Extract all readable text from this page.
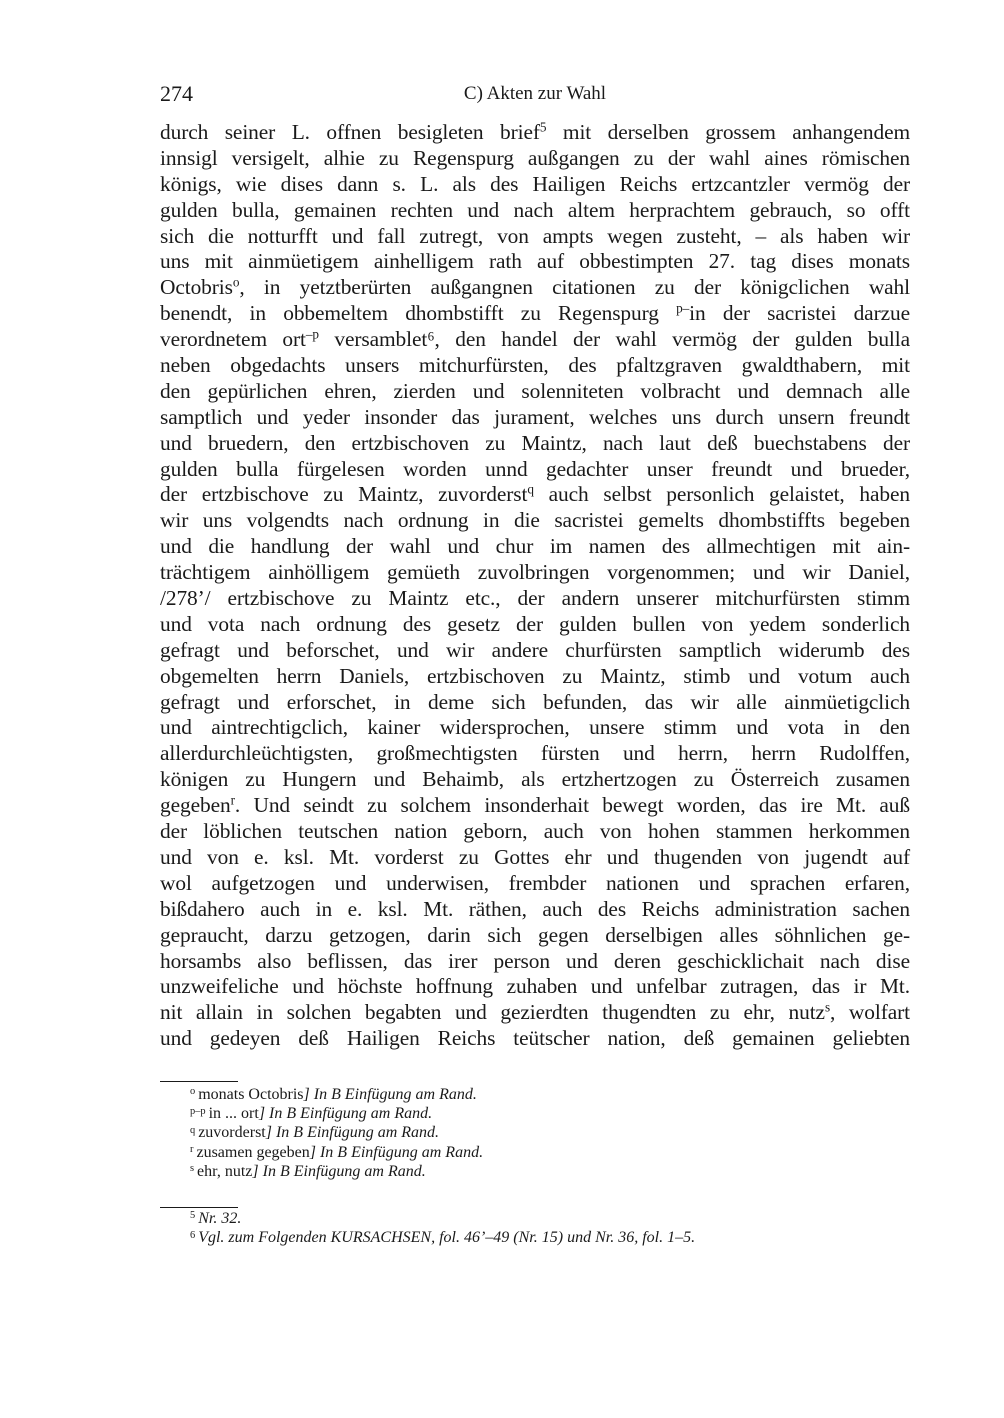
274	C) Akten zur Wahl
durch seiner L. offnen besigleten brief$^5$ mit derselben grossem anhangendem
innsigl versigelt, alhie zu Regenspurg außgangen zu der wahl aines römischen
königs, wie dises dann s. L. als des Hailigen Reichs ertzcantzler vermög der
gulden bulla, gemainen rechten und nach altem herprachtem gebrauch, so offt
sich die notturfft und fall zutregt, von ampts wegen zusteht, – als haben wir
uns mit ainmüetigem ainhelligem rath auf obbestimpten 27. tag dises monats
Octobris$^o$, in yetztberürten außgangnen citationen zu der königclichen wahl
benendt, in obbemeltem dhombstifft zu Regenspurg $^{p-}$in der sacristei darzue
verordnetem ort$^{-p}$ versamblet⁶, den handel der wahl vermög der gulden bulla
neben obgedachts unsers mitchurfürsten, des pfaltzgraven gwaldthabern, mit
den gepürlichen ehren, zierden und solenniteten volbracht und demnach alle
samptlich und yeder insonder das jurament, welches uns durch unsern freundt
und bruedern, den ertzbischoven zu Maintz, nach laut deß buechstabens der
gulden bulla fürgelesen worden unnd gedachter unser freundt und brueder,
der ertzbischove zu Maintz, zuvorderst$^q$ auch selbst personlich gelaistet, haben
wir uns volgendts nach ordnung in die sacristei gemelts dhombstiffts begeben
und die handlung der wahl und chur im namen des allmechtigen mit ain-
trächtigem ainhölligem gemüeth zuvolbringen vorgenommen; und wir Daniel,
/278’/ ertzbischove zu Maintz etc., der andern unserer mitchurfürsten stimm
und vota nach ordnung des gesetz der gulden bullen von yedem sonderlich
gefragt und beforschet, und wir andere churfürsten samptlich widerumb des
obgemelten herrn Daniels, ertzbischoven zu Maintz, stimb und votum auch
gefragt und erforschet, in deme sich befunden, das wir alle ainmüetigclich
und aintrechtigclich, kainer widersprochen, unsere stimm und vota in den
allerdurchleüchtigsten, großmechtigsten fürsten und herrn, herrn Rudolffen,
königen zu Hungern und Behaimb, als ertzhertzogen zu Österreich zusamen
gegeben$^r$. Und seindt zu solchem insonderhait bewegt worden, das ire Mt. auß
der löblichen teutschen nation geborn, auch von hohen stammen herkommen
und von e. ksl. Mt. vorderst zu Gottes ehr und thugenden von jugendt auf
wol aufgetzogen und underwisen, frembder nationen und sprachen erfaren,
bißdahero auch in e. ksl. Mt. räthen, auch des Reichs administration sachen
gepraucht, darzu getzogen, darin sich gegen derselbigen alles söhnlichen ge-
horsambs also beflissen, das irer person und deren geschicklichait nach dise
unzweifeliche und höchste hoffnung zuhaben und unfelbar zutragen, das ir Mt.
nit allain in solchen begabten und gezierdten thugendten zu ehr, nutz$^s$, wolfart
und gedeyen deß Hailigen Reichs teütscher nation, deß gemainen geliebten
$^o$ monats Octobris] In B Einfügung am Rand.
$^{p-p}$ in ... ort] In B Einfügung am Rand.
$^q$ zuvorderst] In B Einfügung am Rand.
$^r$ zusamen gegeben] In B Einfügung am Rand.
$^s$ ehr, nutz] In B Einfügung am Rand.
$^5$ Nr. 32.
$^6$ Vgl. zum Folgenden KURSACHSEN, fol. 46’–49 (Nr. 15) und Nr. 36, fol. 1–5.
